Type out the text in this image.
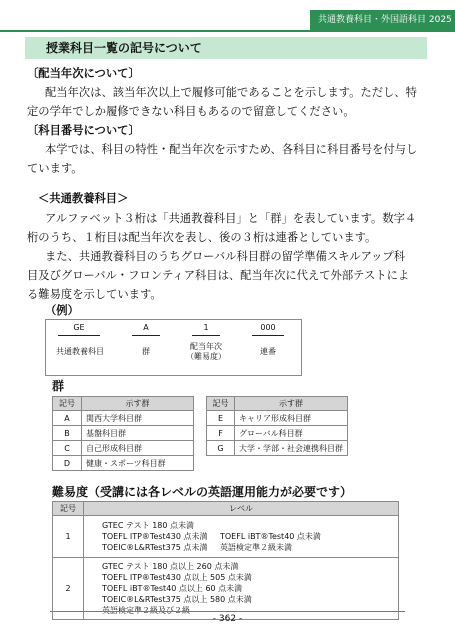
共通教養科目・外国語科目 2025
授業科目一覧の記号について
〔配当年次について〕
配当年次は、該当年次以上で履修可能であることを示します。ただし、特
定の学年でしか履修できない科目もあるので留意してください。
〔科目番号について〕
本学では、科目の特性・配当年次を示すため、各科目に科目番号を付与し
ています。
＜共通教養科目＞
アルファベット３桁は「共通教養科目」と「群」を表しています。数字４
桁のうち、１桁目は配当年次を表し、後の３桁は連番としています。
また、共通教養科目のうちグローバル科目群の留学準備スキルアップ科
目及びグローバル・フロンティア科目は、配当年次に代えて外部テストによ
る難易度を示しています。
（例）
GE	A	1	000
共通教養科目	群
配当年次
（難易度）
連番
群
記号	示す群
A	関西大学科目群
B	基盤科目群
C	自己形成科目群
D	健康・スポーツ科目群
記号	示す群
E	キャリア形成科目群
F	グローバル科目群
G	大学・学部・社会連携科目群
難易度（受講には各レベルの英語運用能力が必要です）
記号	レベル
1	GTEC テスト 180 点未満
TOEFL ITP®Test430 点未満 TOEFL iBT®Test40 点未満
TOEIC®L&RTest375 点未満 英語検定準２級未満

2	GTEC テスト 180 点以上 260 点未満
TOEFL ITP®Test430 点以上 505 点未満
TOEFL iBT®Test40 点以上 60 点未満
TOEIC®L&RTest375 点以上 580 点未満
英語検定準２級及び２級
- 362 -
